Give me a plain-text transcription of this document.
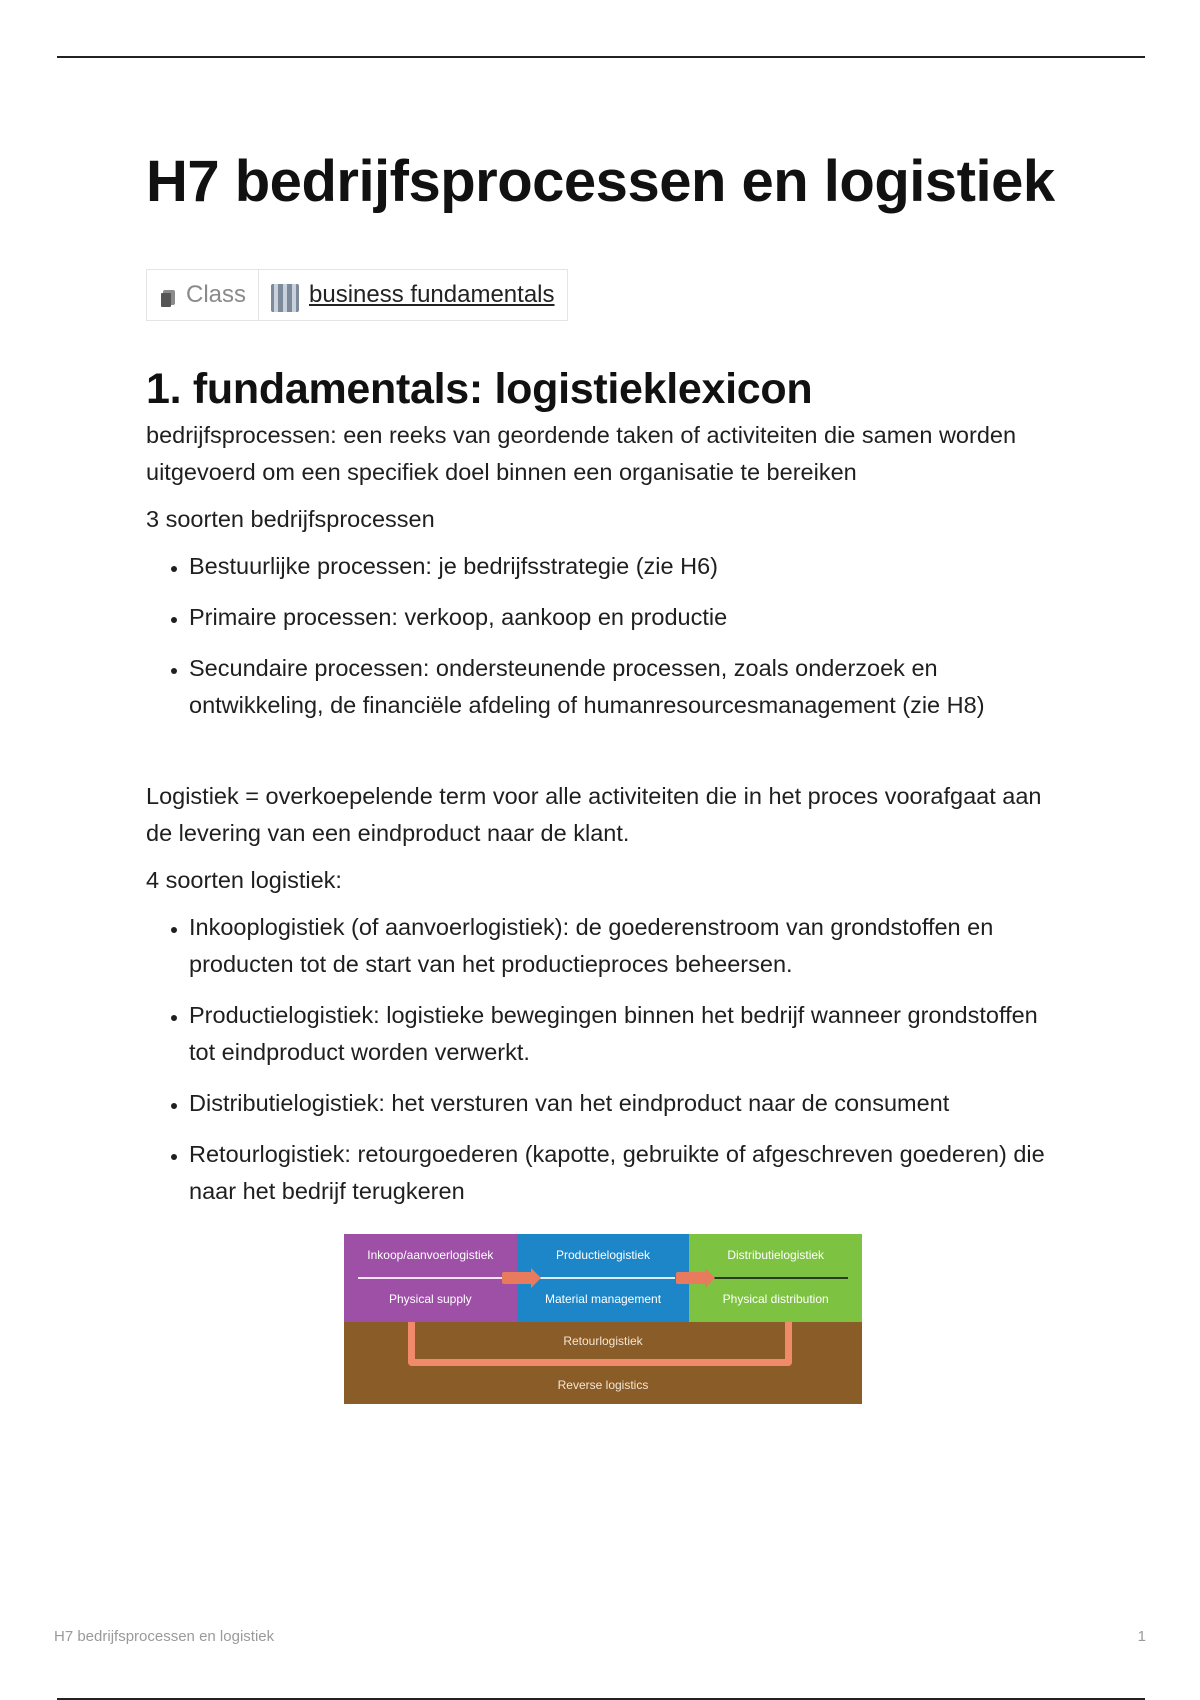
H7 bedrijfsprocessen en logistiek
Class	business fundamentals
1. fundamentals: logistieklexicon

bedrijfsprocessen: een reeks van geordende taken of activiteiten die samen worden uitgevoerd om een specifiek doel binnen een organisatie te bereiken

3 soorten bedrijfsprocessen

• Bestuurlijke processen: je bedrijfsstrategie (zie H6)
• Primaire processen: verkoop, aankoop en productie
• Secundaire processen: ondersteunende processen, zoals onderzoek en ontwikkeling, de financiële afdeling of humanresourcesmanagement (zie H8)

Logistiek = overkoepelende term voor alle activiteiten die in het proces voorafgaat aan de levering van een eindproduct naar de klant.

4 soorten logistiek:

• Inkooplogistiek (of aanvoerlogistiek): de goederenstroom van grondstoffen en producten tot de start van het productieproces beheersen.
• Productielogistiek: logistieke bewegingen binnen het bedrijf wanneer grondstoffen tot eindproduct worden verwerkt.
• Distributielogistiek: het versturen van het eindproduct naar de consument
• Retourlogistiek: retourgoederen (kapotte, gebruikte of afgeschreven goederen) die naar het bedrijf terugkeren
Inkoop/aanvoerlogistiek
Physical supply
Productielogistiek
Material management
Distributielogistiek
Physical distribution
Retourlogistiek
Reverse logistics
H7 bedrijfsprocessen en logistiek	1
